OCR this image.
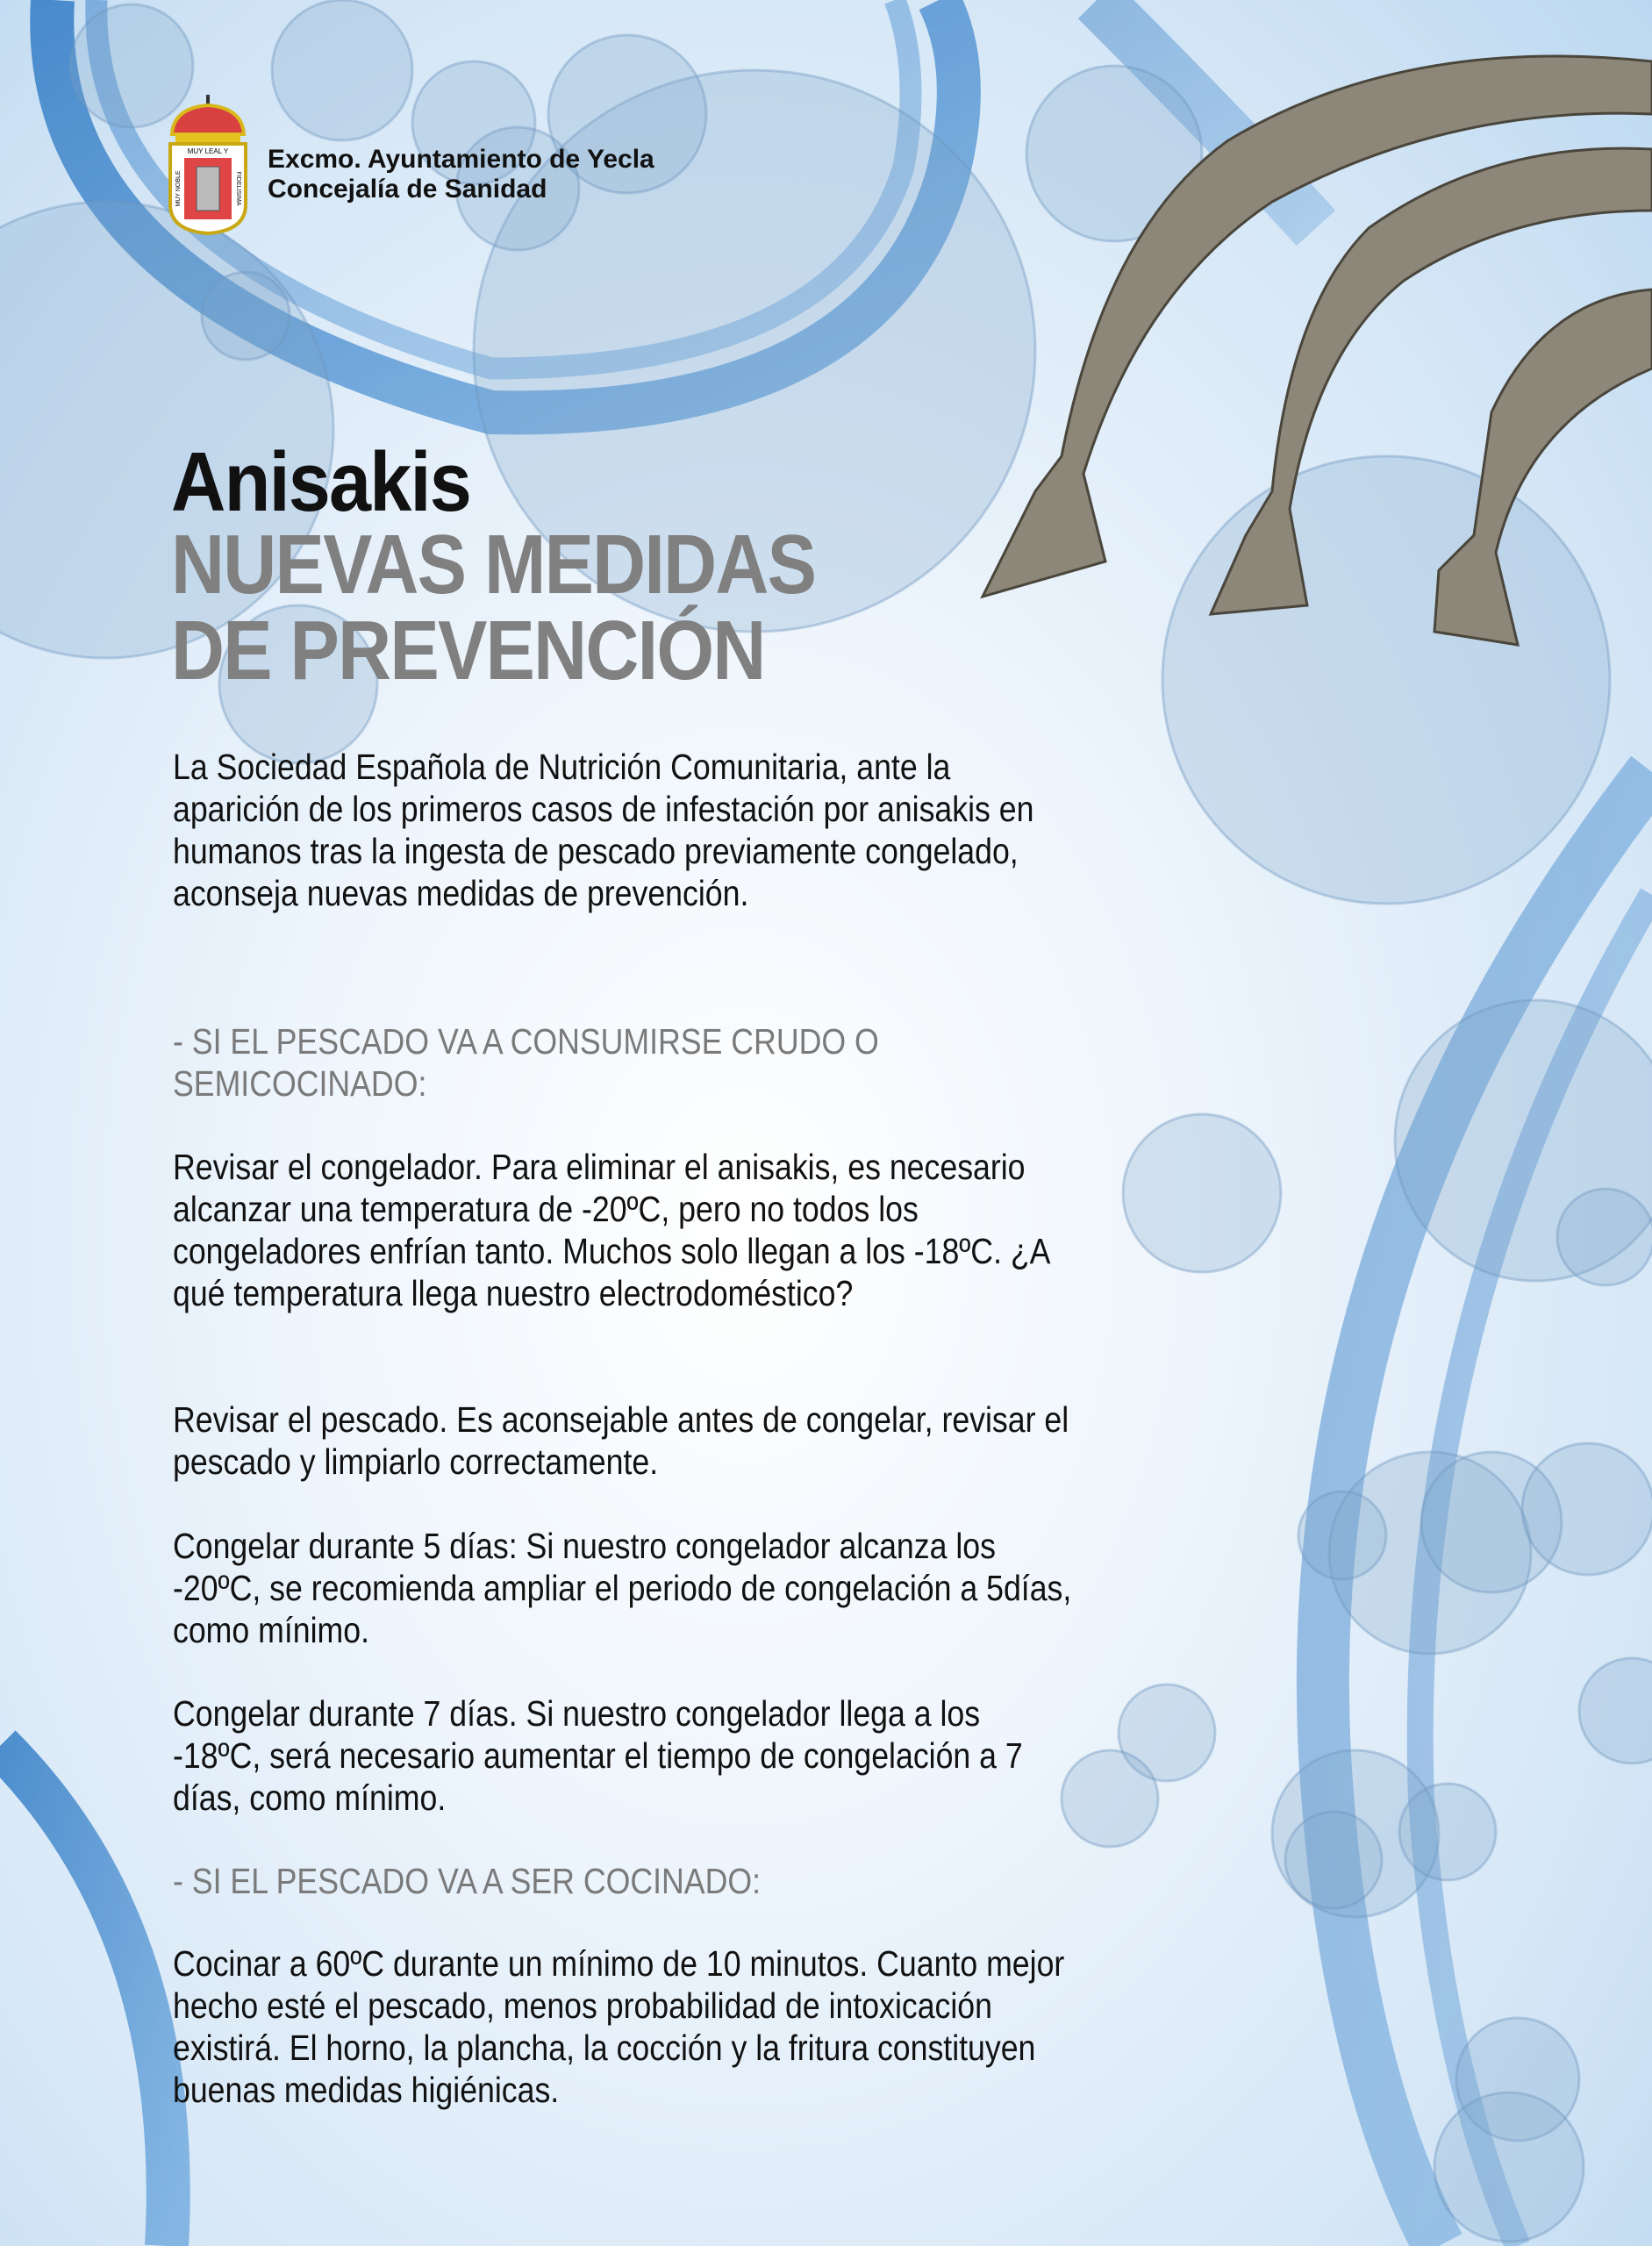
MUY LEAL Y
MUY NOBLE	FIDELISIMA
Excmo. Ayuntamiento de Yecla
Concejalía de Sanidad
Anisakis
NUEVAS MEDIDAS
DE PREVENCIÓN

La Sociedad Española de Nutrición Comunitaria, ante la aparición de los primeros casos de infestación por anisakis en humanos tras la ingesta de pescado previamente congelado, aconseja nuevas medidas de prevención.

- SI EL PESCADO VA A CONSUMIRSE CRUDO O SEMICOCINADO:

Revisar el congelador. Para eliminar el anisakis, es necesario alcanzar una temperatura de -20ºC, pero no todos los congeladores enfrían tanto. Muchos solo llegan a los -18ºC. ¿A qué temperatura llega nuestro electrodoméstico?

Revisar el pescado. Es aconsejable antes de congelar, revisar el pescado y limpiarlo correctamente.

Congelar durante 5 días: Si nuestro congelador alcanza los -20ºC, se recomienda ampliar el periodo de congelación a 5días, como mínimo.

Congelar durante 7 días. Si nuestro congelador llega a los -18ºC, será necesario aumentar el tiempo de congelación a 7 días, como mínimo.

- SI EL PESCADO VA A SER COCINADO:

Cocinar a 60ºC durante un mínimo de 10 minutos. Cuanto mejor hecho esté el pescado, menos probabilidad de intoxicación existirá. El horno, la plancha, la cocción y la fritura constituyen buenas medidas higiénicas.
